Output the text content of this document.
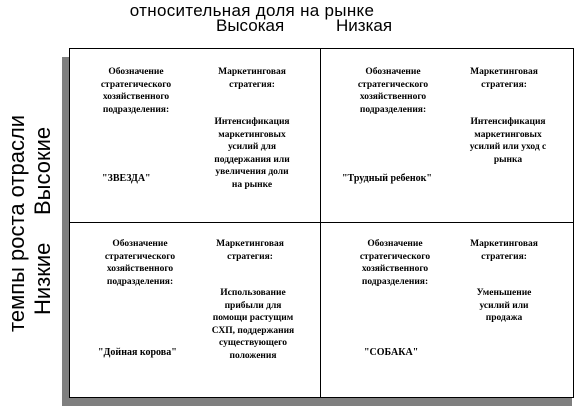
относительная доля на рынке
Высокая	Низкая
темпы роста отрасли Высокие
Низкие
Обозначение
стратегического
хозяйственного
подразделения:
Маркетинговая
стратегия:
Интенсификация
маркетинговых
усилий для
поддержания или
увеличения доли
на рынке
"ЗВЕЗДА"
Обозначение
стратегического
хозяйственного
подразделения:
Маркетинговая
стратегия:
Интенсификация
маркетинговых
усилий или уход с
рынка
"Трудный ребенок"
Обозначение
стратегического
хозяйственного
подразделения:
Маркетинговая
стратегия:
Использование
прибыли для
помощи растущим
СХП, поддержания
существующего
положения
"Дойная корова"
Обозначение
стратегического
хозяйственного
подразделения:
Маркетинговая
стратегия:
Уменьшение
усилий или
продажа
"СОБАКА"
